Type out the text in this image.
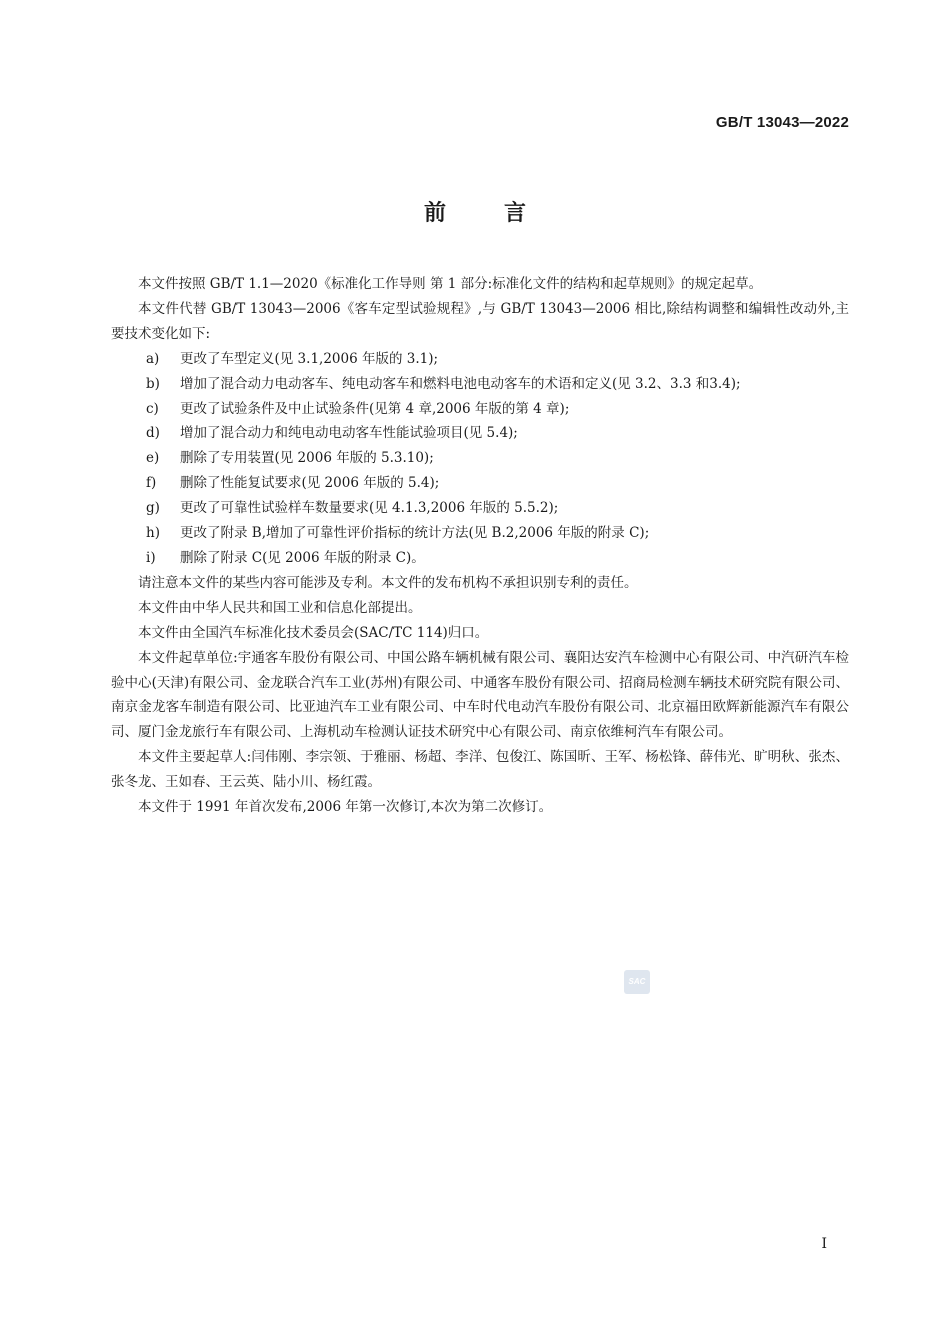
GB/T 13043—2022
前	言

本文件按照 GB/T 1.1—2020《标准化工作导则 第 1 部分:标准化文件的结构和起草规则》的规定起草。

本文件代替 GB/T 13043—2006《客车定型试验规程》,与 GB/T 13043—2006 相比,除结构调整和编辑性改动外,主要技术变化如下:

a)	更改了车型定义(见 3.1,2006 年版的 3.1);
b)	增加了混合动力电动客车、纯电动客车和燃料电池电动客车的术语和定义(见 3.2、3.3 和3.4);
c)	更改了试验条件及中止试验条件(见第 4 章,2006 年版的第 4 章);
d)	增加了混合动力和纯电动电动客车性能试验项目(见 5.4);
e)	删除了专用装置(见 2006 年版的 5.3.10);
f)	删除了性能复试要求(见 2006 年版的 5.4);
g)	更改了可靠性试验样车数量要求(见 4.1.3,2006 年版的 5.5.2);
h)	更改了附录 B,增加了可靠性评价指标的统计方法(见 B.2,2006 年版的附录 C);
i)	删除了附录 C(见 2006 年版的附录 C)。

请注意本文件的某些内容可能涉及专利。本文件的发布机构不承担识别专利的责任。

本文件由中华人民共和国工业和信息化部提出。

本文件由全国汽车标准化技术委员会(SAC/TC 114)归口。

本文件起草单位:宇通客车股份有限公司、中国公路车辆机械有限公司、襄阳达安汽车检测中心有限公司、中汽研汽车检验中心(天津)有限公司、金龙联合汽车工业(苏州)有限公司、中通客车股份有限公司、招商局检测车辆技术研究院有限公司、南京金龙客车制造有限公司、比亚迪汽车工业有限公司、中车时代电动汽车股份有限公司、北京福田欧辉新能源汽车有限公司、厦门金龙旅行车有限公司、上海机动车检测认证技术研究中心有限公司、南京依维柯汽车有限公司。

本文件主要起草人:闫伟刚、李宗领、于雅丽、杨超、李洋、包俊江、陈国昕、王军、杨松锋、薛伟光、旷明秋、张杰、张冬龙、王如春、王云英、陆小川、杨红霞。

本文件于 1991 年首次发布,2006 年第一次修订,本次为第二次修订。

SAC
I
